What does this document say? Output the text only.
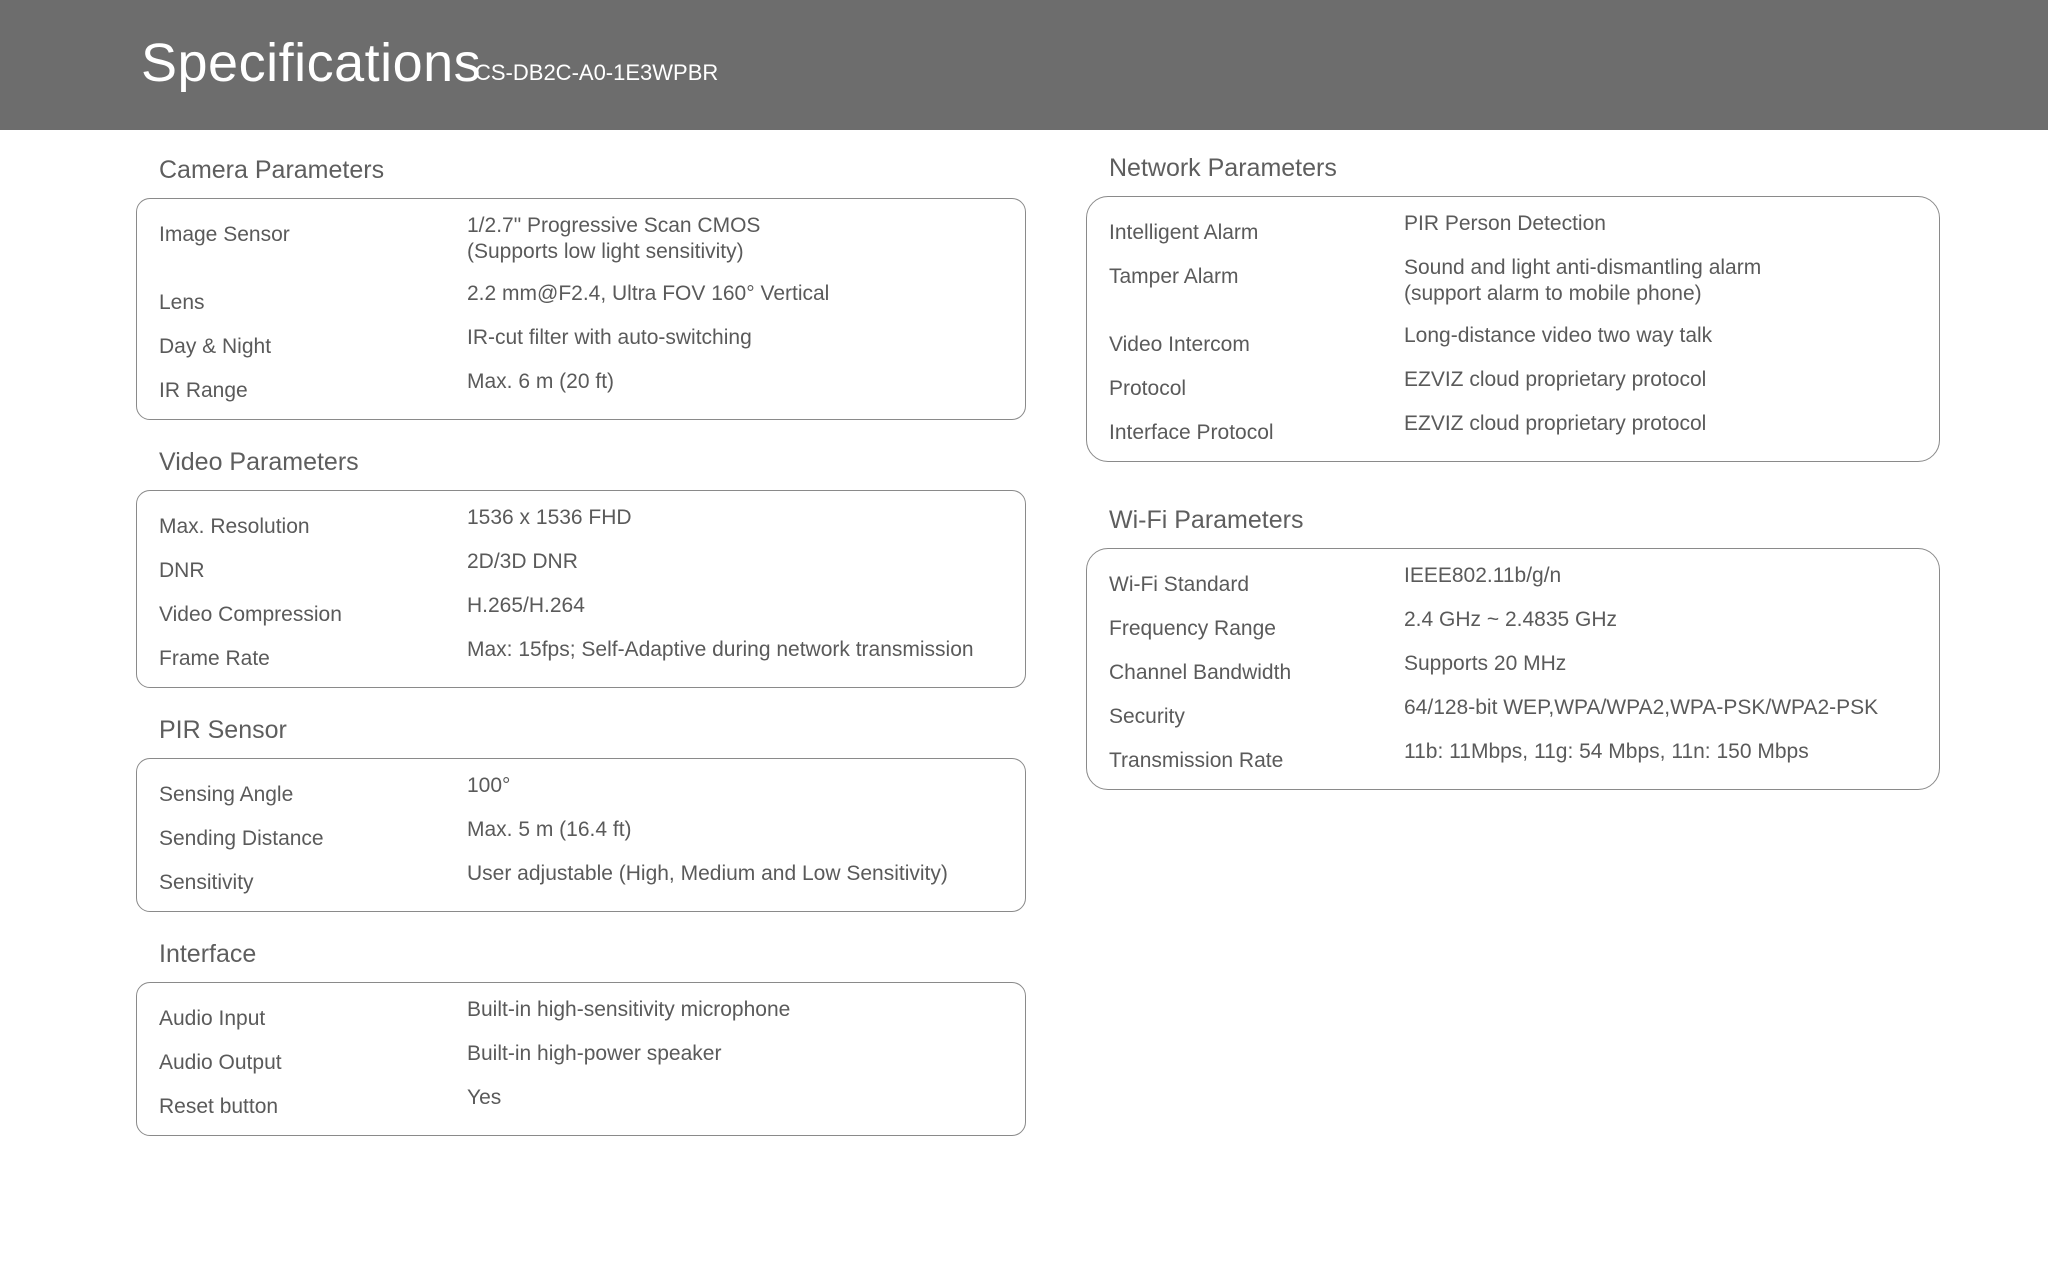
Specifications
CS-DB2C-A0-1E3WPBR
Camera Parameters
Image Sensor	1/2.7" Progressive Scan CMOS
(Supports low light sensitivity)
Lens	2.2 mm@F2.4, Ultra FOV 160° Vertical
Day & Night	IR-cut filter with auto-switching
IR Range	Max. 6 m (20 ft)
Video Parameters
Max. Resolution	1536 x 1536 FHD
DNR	2D/3D DNR
Video Compression	H.265/H.264
Frame Rate	Max: 15fps; Self-Adaptive during network transmission
PIR Sensor
Sensing Angle	100°
Sending Distance	Max. 5 m (16.4 ft)
Sensitivity	User adjustable (High, Medium and Low Sensitivity)
Interface
Audio Input	Built-in high-sensitivity microphone
Audio Output	Built-in high-power speaker
Reset button	Yes
Network Parameters
Intelligent Alarm	PIR Person Detection
Tamper Alarm	Sound and light anti-dismantling alarm
(support alarm to mobile phone)
Video Intercom	Long-distance video two way talk
Protocol	EZVIZ cloud proprietary protocol
Interface Protocol	EZVIZ cloud proprietary protocol
Wi-Fi Parameters
Wi-Fi Standard	IEEE802.11b/g/n
Frequency Range	2.4 GHz ~ 2.4835 GHz
Channel Bandwidth	Supports 20 MHz
Security	64/128-bit WEP,WPA/WPA2,WPA-PSK/WPA2-PSK
Transmission Rate	11b: 11Mbps, 11g: 54 Mbps, 11n: 150 Mbps
